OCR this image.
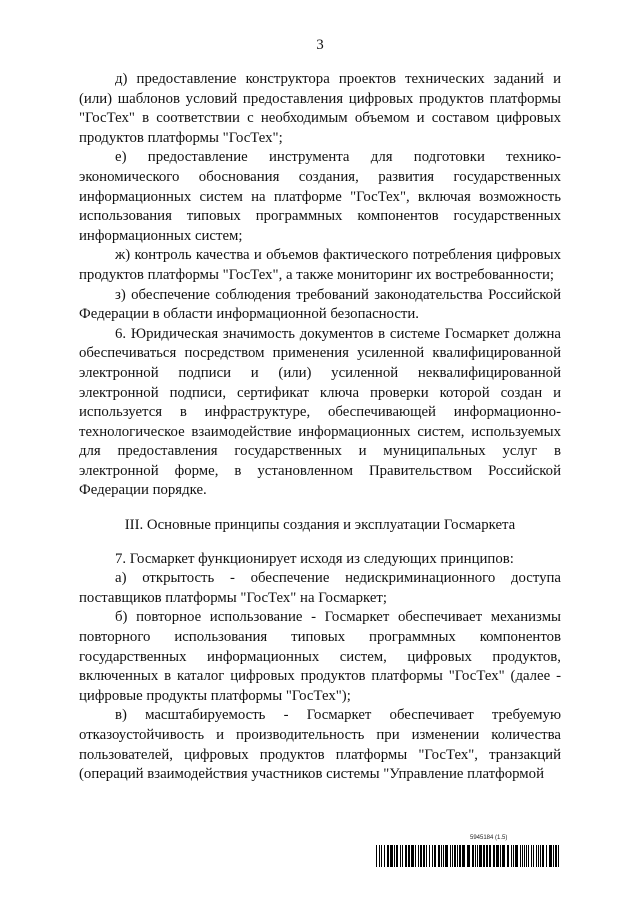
3

д) предоставление конструктора проектов технических заданий и (или) шаблонов условий предоставления цифровых продуктов платформы "ГосТех" в соответствии с необходимым объемом и составом цифровых продуктов платформы "ГосТех";

е) предоставление инструмента для подготовки технико-экономического обоснования создания, развития государственных информационных систем на платформе "ГосТех", включая возможность использования типовых программных компонентов государственных информационных систем;

ж) контроль качества и объемов фактического потребления цифровых продуктов платформы "ГосТех", а также мониторинг их востребованности;

з) обеспечение соблюдения требований законодательства Российской Федерации в области информационной безопасности.

6. Юридическая значимость документов в системе Госмаркет должна обеспечиваться посредством применения усиленной квалифицированной электронной подписи и (или) усиленной неквалифицированной электронной подписи, сертификат ключа проверки которой создан и используется в инфраструктуре, обеспечивающей информационно-технологическое взаимодействие информационных систем, используемых для предоставления государственных и муниципальных услуг в электронной форме, в установленном Правительством Российской Федерации порядке.

III. Основные принципы создания и эксплуатации Госмаркета

7. Госмаркет функционирует исходя из следующих принципов:

а) открытость - обеспечение недискриминационного доступа поставщиков платформы "ГосТех" на Госмаркет;

б) повторное использование - Госмаркет обеспечивает механизмы повторного использования типовых программных компонентов государственных информационных систем, цифровых продуктов, включенных в каталог цифровых продуктов платформы "ГосТех" (далее - цифровые продукты платформы "ГосТех");

в) масштабируемость - Госмаркет обеспечивает требуемую отказоустойчивость и производительность при изменении количества пользователей, цифровых продуктов платформы "ГосТех", транзакций (операций взаимодействия участников системы "Управление платформой

5945184 (1.5)
